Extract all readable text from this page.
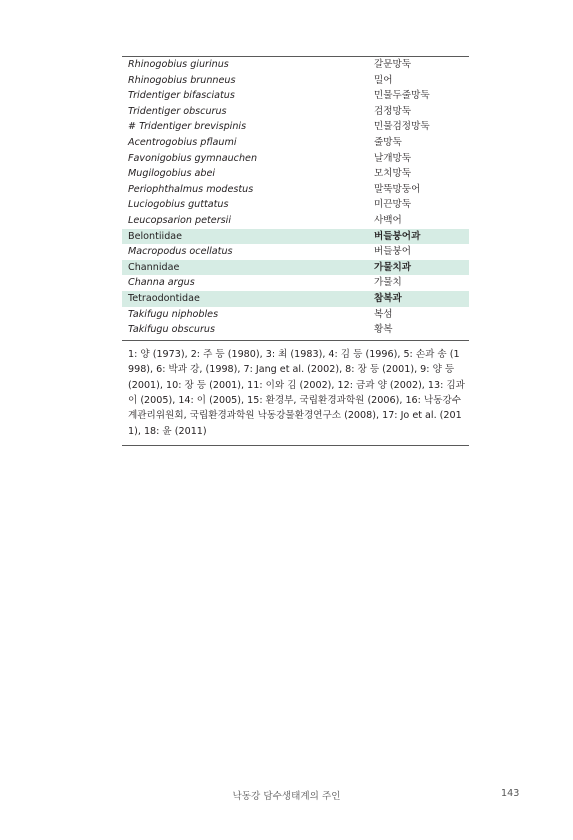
Rhinogobius giurinus	갈문망둑
Rhinogobius brunneus	밀어
Tridentiger bifasciatus	민물두줄망둑
Tridentiger obscurus	검정망둑
# Tridentiger brevispinis	민물검정망둑
Acentrogobius pflaumi	줄망둑
Favonigobius gymnauchen	날개망둑
Mugilogobius abei	모치망둑
Periophthalmus modestus	말뚝망둥어
Luciogobius guttatus	미끈망둑
Leucopsarion petersii	사백어
Belontiidae	버들붕어과
Macropodus ocellatus	버들붕어
Channidae	가물치과
Channa argus	가물치
Tetraodontidae	참복과
Takifugu niphobles	복섬
Takifugu obscurus	황복
1: 양 (1973), 2: 주 등 (1980), 3: 최 (1983), 4: 김 등 (1996), 5: 손과 송 (1998), 6: 박과 강, (1998), 7: Jang et al. (2002), 8: 장 등 (2001), 9: 양 등 (2001), 10: 장 등 (2001), 11: 이와 김 (2002), 12: 금과 양 (2002), 13: 김과 이 (2005), 14: 이 (2005), 15: 환경부, 국립환경과학원 (2006), 16: 낙동강수계관리위원회, 국립환경과학원 낙동강물환경연구소 (2008), 17: Jo et al. (2011), 18: 윤 (2011)
낙동강 담수생태계의 주인	143
